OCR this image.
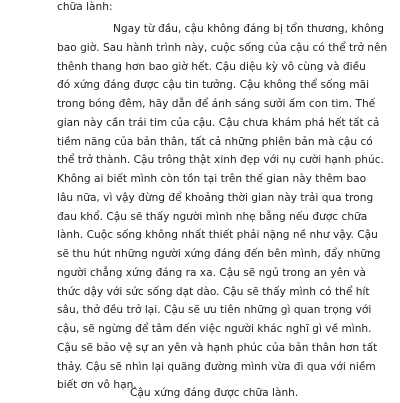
chữa lành:

Ngay từ đầu, cậu không đáng bị tổn thương, không

bao giờ. Sau hành trình này, cuộc sống của cậu có thể trở nên

thênh thang hơn bao giờ hết. Cậu diệu kỳ vô cùng và điều

đó xứng đáng được cậu tin tưởng. Cậu không thể sống mãi

trong bóng đêm, hãy dẫn để ánh sáng sưởi ấm con tim. Thế

gian này cần trái tim của cậu. Cậu chưa khám phá hết tất cả

tiềm năng của bản thân, tất cả những phiên bản mà cậu có

thể trở thành. Cậu trông thật xinh đẹp với nụ cười hạnh phúc.

Không ai biết mình còn tồn tại trên thế gian này thêm bao

lâu nữa, vì vậy đừng để khoảng thời gian này trải qua trong

đau khổ. Cậu sẽ thấy người mình nhẹ bẫng nếu được chữa

lành. Cuộc sống không nhất thiết phải nặng nề như vậy. Cậu

sẽ thu hút những người xứng đáng đến bên mình, đẩy những

người chẳng xứng đáng ra xa. Cậu sẽ ngủ trong an yên và

thức dậy với sức sống dạt dào. Cậu sẽ thấy mình có thể hít

sâu, thở đều trở lại. Cậu sẽ ưu tiên những gì quan trọng với

cậu, sẽ ngừng để tâm đến việc người khác nghĩ gì về mình.

Cậu sẽ bảo vệ sự an yên và hạnh phúc của bản thân hơn tất

thảy. Cậu sẽ nhìn lại quãng đường mình vừa đi qua với niềm

biết ơn vô hạn.

Cậu xứng đáng được chữa lành.
